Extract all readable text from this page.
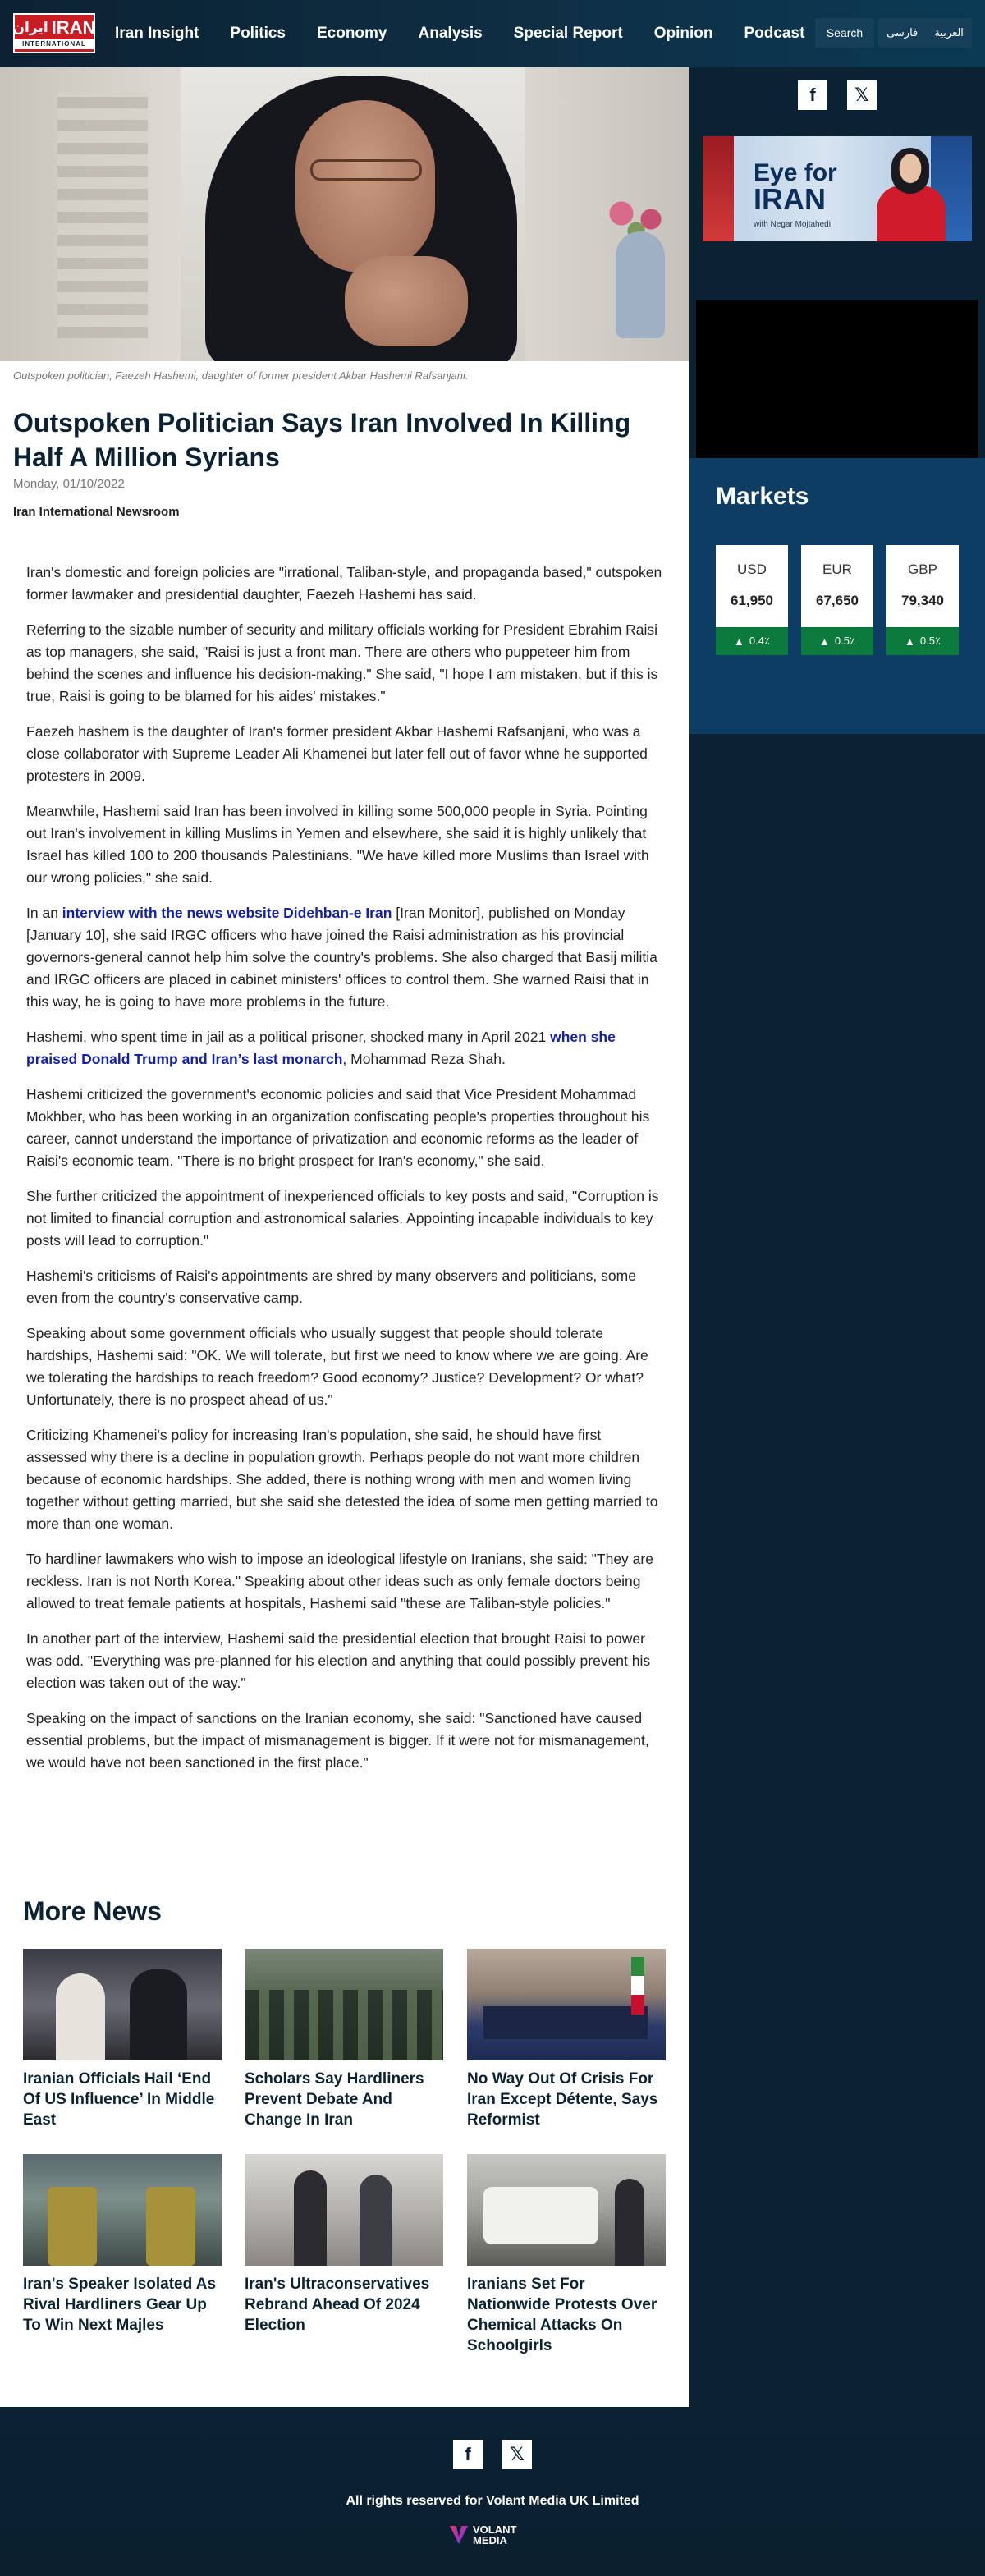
ایران IRAN
INTERNATIONAL
Iran Insight Politics Economy Analysis Special Report Opinion Podcast	Search	فارسی العربية
Outspoken politician, Faezeh Hashemi, daughter of former president Akbar Hashemi Rafsanjani.
Outspoken Politician Says Iran Involved In Killing Half A Million Syrians
Monday, 01/10/2022
Iran International Newsroom

Iran's domestic and foreign policies are "irrational, Taliban-style, and propaganda based," outspoken former lawmaker and presidential daughter, Faezeh Hashemi has said.

Referring to the sizable number of security and military officials working for President Ebrahim Raisi as top managers, she said, "Raisi is just a front man. There are others who puppeteer him from behind the scenes and influence his decision-making." She said, "I hope I am mistaken, but if this is true, Raisi is going to be blamed for his aides' mistakes."

Faezeh hashem is the daughter of Iran's former president Akbar Hashemi Rafsanjani, who was a close collaborator with Supreme Leader Ali Khamenei but later fell out of favor whne he supported protesters in 2009.

Meanwhile, Hashemi said Iran has been involved in killing some 500,000 people in Syria. Pointing out Iran's involvement in killing Muslims in Yemen and elsewhere, she said it is highly unlikely that Israel has killed 100 to 200 thousands Palestinians. "We have killed more Muslims than Israel with our wrong policies," she said.

In an interview with the news website Didehban-e Iran [Iran Monitor], published on Monday [January 10], she said IRGC officers who have joined the Raisi administration as his provincial governors-general cannot help him solve the country's problems. She also charged that Basij militia and IRGC officers are placed in cabinet ministers' offices to control them. She warned Raisi that in this way, he is going to have more problems in the future.

Hashemi, who spent time in jail as a political prisoner, shocked many in April 2021 when she praised Donald Trump and Iran’s last monarch, Mohammad Reza Shah.

Hashemi criticized the government's economic policies and said that Vice President Mohammad Mokhber, who has been working in an organization confiscating people's properties throughout his career, cannot understand the importance of privatization and economic reforms as the leader of Raisi's economic team. "There is no bright prospect for Iran's economy," she said.

She further criticized the appointment of inexperienced officials to key posts and said, "Corruption is not limited to financial corruption and astronomical salaries. Appointing incapable individuals to key posts will lead to corruption."

Hashemi's criticisms of Raisi's appointments are shred by many observers and politicians, some even from the country's conservative camp.

Speaking about some government officials who usually suggest that people should tolerate hardships, Hashemi said: "OK. We will tolerate, but first we need to know where we are going. Are we tolerating the hardships to reach freedom? Good economy? Justice? Development? Or what? Unfortunately, there is no prospect ahead of us."

Criticizing Khamenei's policy for increasing Iran's population, she said, he should have first assessed why there is a decline in population growth. Perhaps people do not want more children because of economic hardships. She added, there is nothing wrong with men and women living together without getting married, but she said she detested the idea of some men getting married to more than one woman.

To hardliner lawmakers who wish to impose an ideological lifestyle on Iranians, she said: "They are reckless. Iran is not North Korea." Speaking about other ideas such as only female doctors being allowed to treat female patients at hospitals, Hashemi said "these are Taliban-style policies."

In another part of the interview, Hashemi said the presidential election that brought Raisi to power was odd. "Everything was pre-planned for his election and anything that could possibly prevent his election was taken out of the way."

Speaking on the impact of sanctions on the Iranian economy, she said: "Sanctioned have caused essential problems, but the impact of mismanagement is bigger. If it were not for mismanagement, we would have not been sanctioned in the first place."

More News
Iranian Officials Hail ‘End Of US Influence’ In Middle East
Scholars Say Hardliners Prevent Debate And Change In Iran
No Way Out Of Crisis For Iran Except Détente, Says Reformist
Iran's Speaker Isolated As Rival Hardliners Gear Up To Win Next Majles
Iran's Ultraconservatives Rebrand Ahead Of 2024 Election
Iranians Set For Nationwide Protests Over Chemical Attacks On Schoolgirls
f	𝕏
Eye for
IRAN
with Negar Mojtahedi
Markets
USD
61,950
▲ 0.4٪
EUR
67,650
▲ 0.5٪
GBP
79,340
▲ 0.5٪
f	𝕏
All rights reserved for Volant Media UK Limited
VOLANT
MEDIA
